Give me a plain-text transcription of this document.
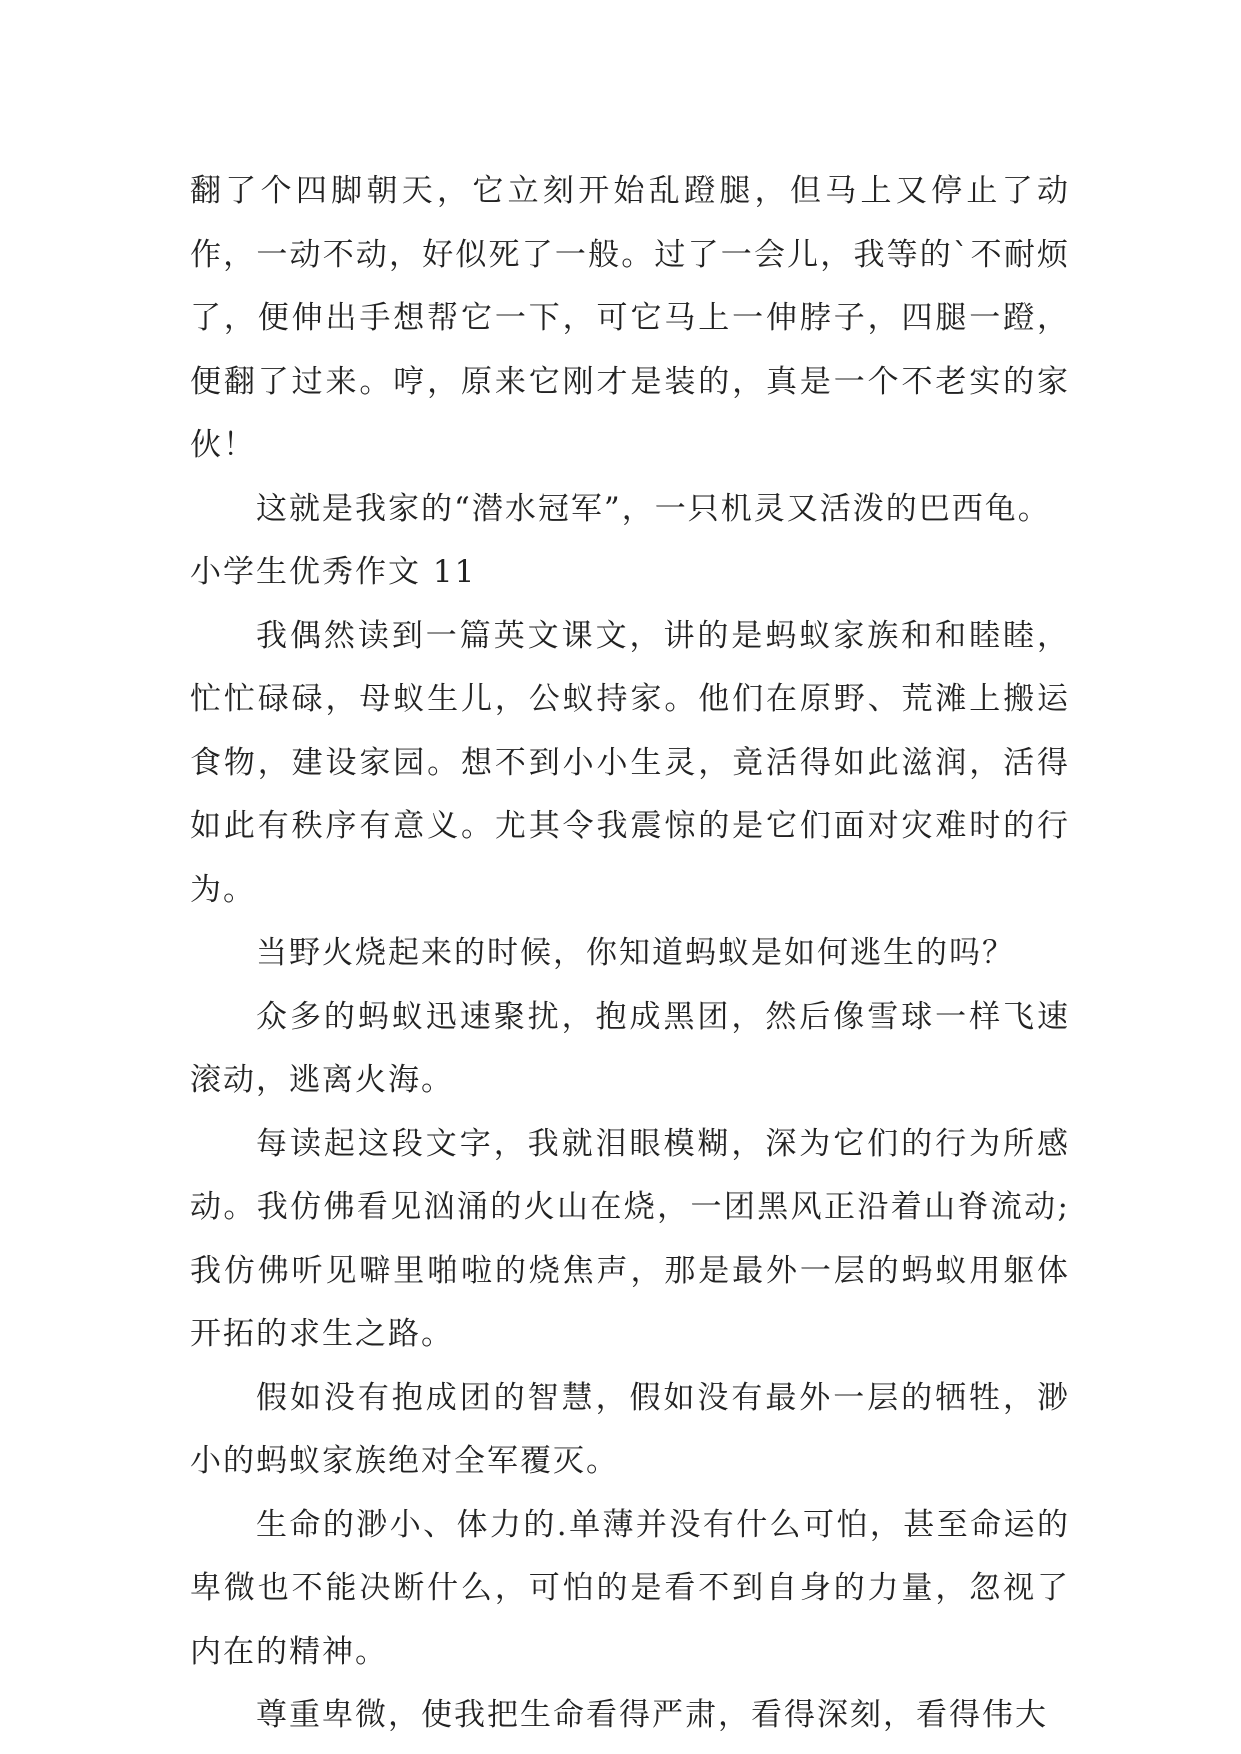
翻了个四脚朝天，它立刻开始乱蹬腿，但马上又停止了动作，一动不动，好似死了一般。过了一会儿，我等的`不耐烦了，便伸出手想帮它一下，可它马上一伸脖子，四腿一蹬，便翻了过来。哼，原来它刚才是装的，真是一个不老实的家伙！

这就是我家的“潜水冠军”，一只机灵又活泼的巴西龟。

小学生优秀作文 11

我偶然读到一篇英文课文，讲的是蚂蚁家族和和睦睦，忙忙碌碌，母蚁生儿，公蚁持家。他们在原野、荒滩上搬运食物，建设家园。想不到小小生灵，竟活得如此滋润，活得如此有秩序有意义。尤其令我震惊的是它们面对灾难时的行为。

当野火烧起来的时候，你知道蚂蚁是如何逃生的吗？

众多的蚂蚁迅速聚扰，抱成黑团，然后像雪球一样飞速滚动，逃离火海。

每读起这段文字，我就泪眼模糊，深为它们的行为所感动。我仿佛看见汹涌的火山在烧，一团黑风正沿着山脊流动;我仿佛听见噼里啪啦的烧焦声，那是最外一层的蚂蚁用躯体开拓的求生之路。

假如没有抱成团的智慧，假如没有最外一层的牺牲，渺小的蚂蚁家族绝对全军覆灭。

生命的渺小、体力的.单薄并没有什么可怕，甚至命运的卑微也不能决断什么，可怕的是看不到自身的力量，忽视了内在的精神。

尊重卑微，使我把生命看得严肃，看得深刻，看得伟大
